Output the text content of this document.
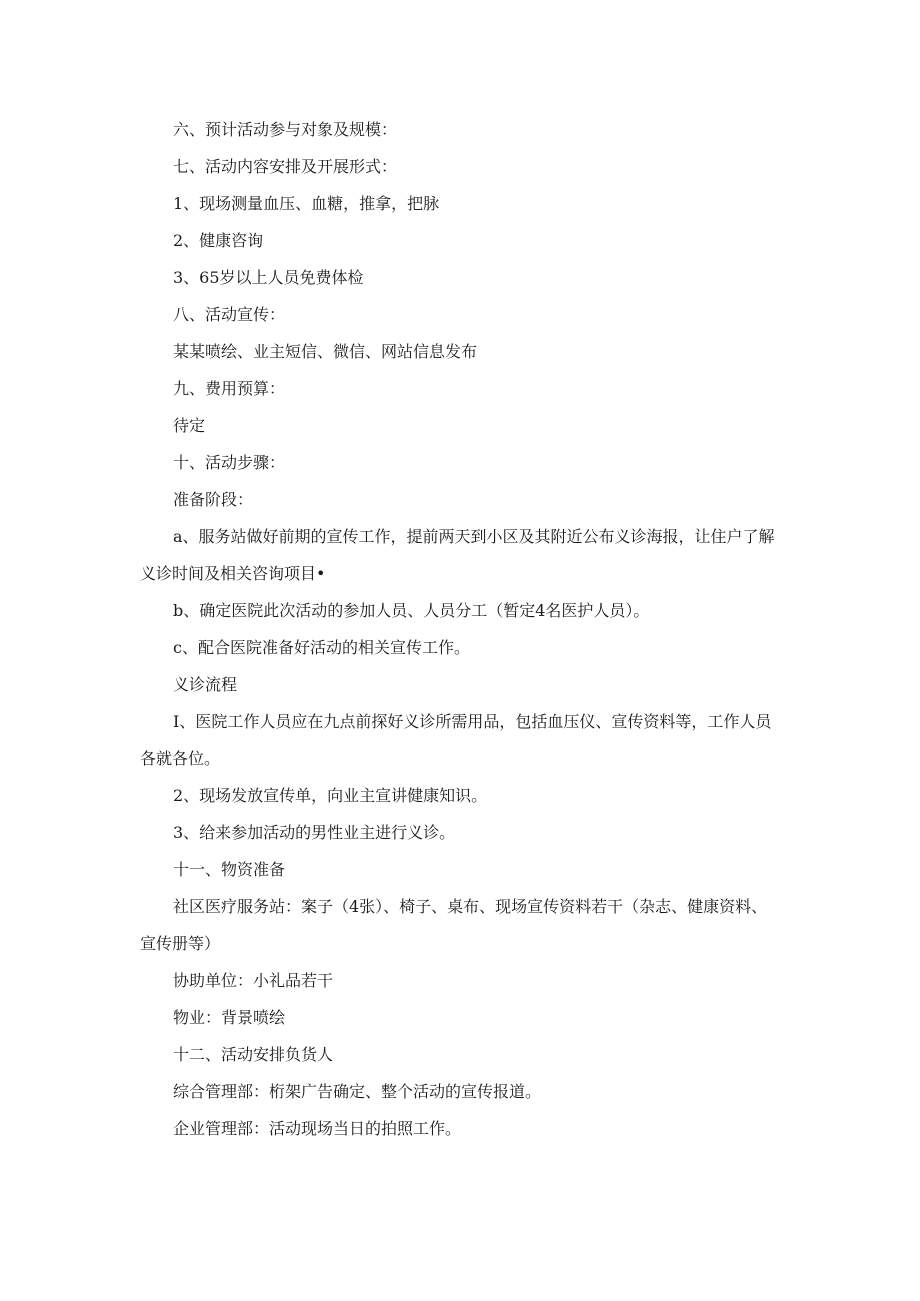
六、预计活动参与对象及规模：

七、活动内容安排及开展形式：

1、现场测量血压、血糖，推拿，把脉

2、健康咨询

3、65岁以上人员免费体检

八、活动宣传：

某某喷绘、业主短信、微信、网站信息发布

九、费用预算：

待定

十、活动步骤：

准备阶段：

a、服务站做好前期的宣传工作，提前两天到小区及其附近公布义诊海报，让住户了解义诊时间及相关咨询项目•

b、确定医院此次活动的参加人员、人员分工（暂定4名医护人员）。

c、配合医院准备好活动的相关宣传工作。

义诊流程

I、医院工作人员应在九点前探好义诊所需用品，包括血压仪、宣传资料等，工作人员各就各位。

2、现场发放宣传单，向业主宣讲健康知识。

3、给来参加活动的男性业主进行义诊。

十一、物资准备

社区医疗服务站：案子（4张）、椅子、桌布、现场宣传资料若干（杂志、健康资料、宣传册等）

协助单位：小礼品若干

物业：背景喷绘

十二、活动安排负货人

综合管理部：桁架广告确定、整个活动的宣传报道。

企业管理部：活动现场当日的拍照工作。
